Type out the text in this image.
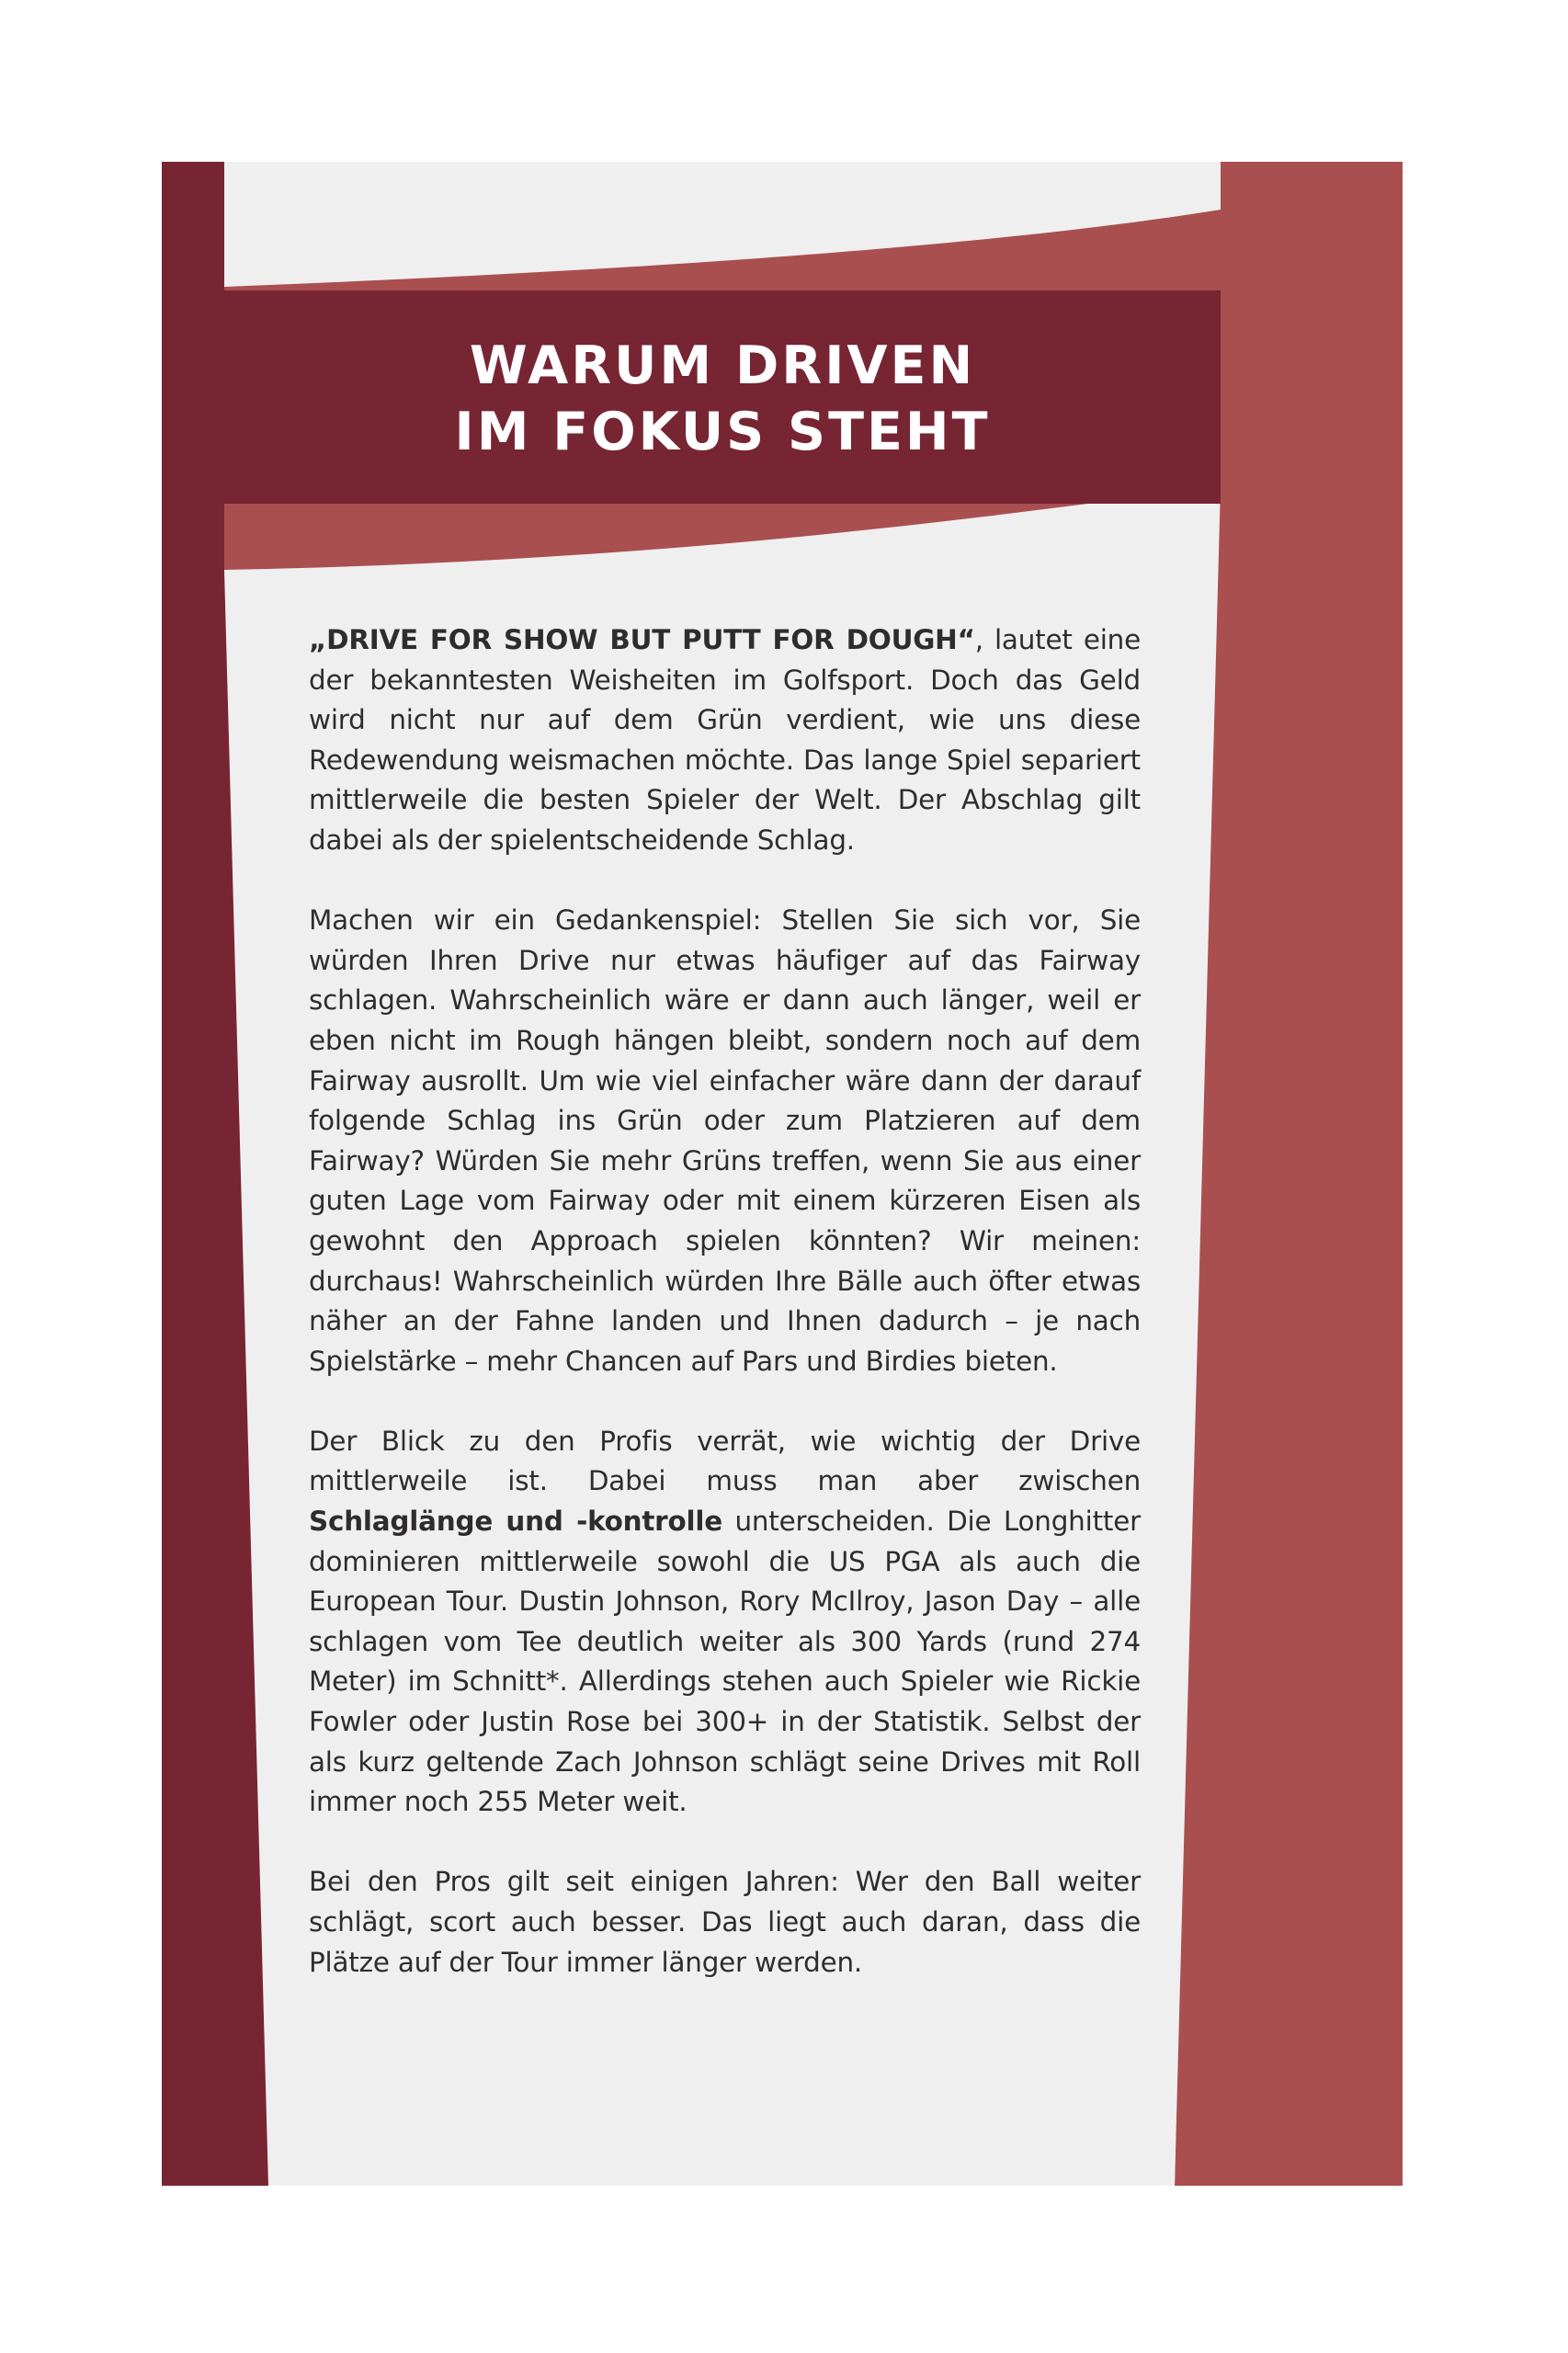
WARUM DRIVEN
IM FOKUS STEHT

„DRIVE FOR SHOW BUT PUTT FOR DOUGH“, lautet eine der bekanntesten Weisheiten im Golfsport. Doch das Geld wird nicht nur auf dem Grün verdient, wie uns diese Redewendung weismachen möchte. Das lange Spiel separiert mittlerweile die besten Spieler der Welt. Der Abschlag gilt dabei als der spielentscheidende Schlag.

Machen wir ein Gedankenspiel: Stellen Sie sich vor, Sie würden Ihren Drive nur etwas häufiger auf das Fairway schlagen. Wahrscheinlich wäre er dann auch länger, weil er eben nicht im Rough hängen bleibt, sondern noch auf dem Fairway ausrollt. Um wie viel einfacher wäre dann der darauf folgende Schlag ins Grün oder zum Platzieren auf dem Fairway? Würden Sie mehr Grüns treffen, wenn Sie aus einer guten Lage vom Fairway oder mit einem kürzeren Eisen als gewohnt den Approach spielen könnten? Wir meinen: durchaus! Wahrscheinlich würden Ihre Bälle auch öfter etwas näher an der Fahne landen und Ihnen dadurch – je nach Spielstärke – mehr Chancen auf Pars und Birdies bieten.

Der Blick zu den Profis verrät, wie wichtig der Drive mittlerweile ist. Dabei muss man aber zwischen Schlaglänge und -kontrolle unterscheiden. Die Longhitter dominieren mittlerweile sowohl die US PGA als auch die European Tour. Dustin Johnson, Rory McIlroy, Jason Day – alle schlagen vom Tee deutlich weiter als 300 Yards (rund 274 Meter) im Schnitt*. Allerdings stehen auch Spieler wie Rickie Fowler oder Justin Rose bei 300+ in der Statistik. Selbst der als kurz geltende Zach Johnson schlägt seine Drives mit Roll immer noch 255 Meter weit.

Bei den Pros gilt seit einigen Jahren: Wer den Ball weiter schlägt, scort auch besser. Das liegt auch daran, dass die Plätze auf der Tour immer länger werden.
